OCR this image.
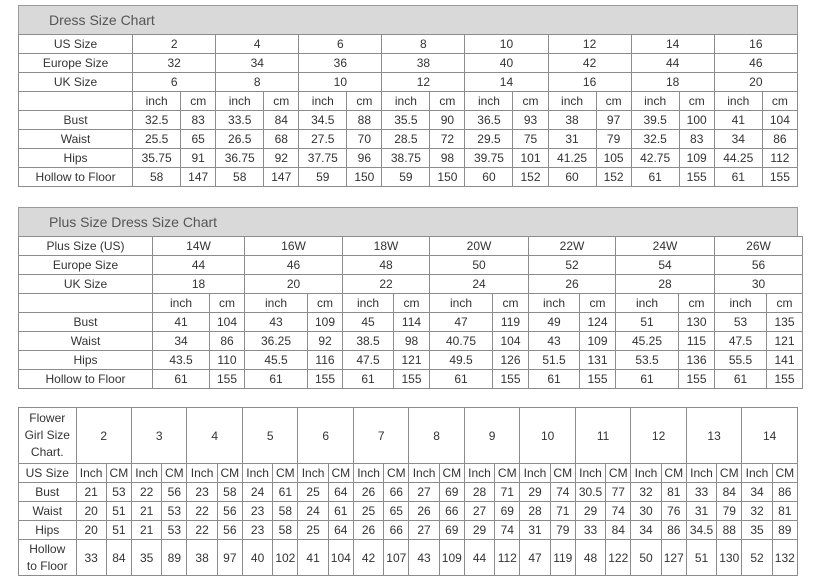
Dress Size Chart
US Size	2		4		6		8		10		12		14		16	
Europe Size	32		34		36		38		40		42		44		46	
UK Size	6		8		10		12		14		16		18		20	
	inch	cm	inch	cm	inch	cm	inch	cm	inch	cm	inch	cm	inch	cm	inch	cm
Bust	32.5	83	33.5	84	34.5	88	35.5	90	36.5	93	38	97	39.5	100	41	104
Waist	25.5	65	26.5	68	27.5	70	28.5	72	29.5	75	31	79	32.5	83	34	86
Hips	35.75	91	36.75	92	37.75	96	38.75	98	39.75	101	41.25	105	42.75	109	44.25	112
Hollow to Floor	58	147	58	147	59	150	59	150	60	152	60	152	61	155	61	155
Plus Size Dress Size Chart
Plus Size (US)	14W		16W		18W		20W		22W		24W		26W	
Europe Size	44		46		48		50		52		54		56	
UK Size	18		20		22		24		26		28		30	
	inch	cm	inch	cm	inch	cm	inch	cm	inch	cm	inch	cm	inch	cm
Bust	41	104	43	109	45	114	47	119	49	124	51	130	53	135
Waist	34	86	36.25	92	38.5	98	40.75	104	43	109	45.25	115	47.5	121
Hips	43.5	110	45.5	116	47.5	121	49.5	126	51.5	131	53.5	136	55.5	141
Hollow to Floor	61	155	61	155	61	155	61	155	61	155	61	155	61	155
Flower Girl Size Chart.	2		3		4		5		6		7		8		9		10		11		12		13		14	
US Size	Inch	CM	Inch	CM	Inch	CM	Inch	CM	Inch	CM	Inch	CM	Inch	CM	Inch	CM	Inch	CM	Inch	CM	Inch	CM	Inch	CM	Inch	CM
Bust	21	53	22	56	23	58	24	61	25	64	26	66	27	69	28	71	29	74	30.5	77	32	81	33	84	34	86
Waist	20	51	21	53	22	56	23	58	24	61	25	65	26	66	27	69	28	71	29	74	30	76	31	79	32	81
Hips	20	51	21	53	22	56	23	58	25	64	26	66	27	69	29	74	31	79	33	84	34	86	34.5	88	35	89
Hollow to Floor	33	84	35	89	38	97	40	102	41	104	42	107	43	109	44	112	47	119	48	122	50	127	51	130	52	132
